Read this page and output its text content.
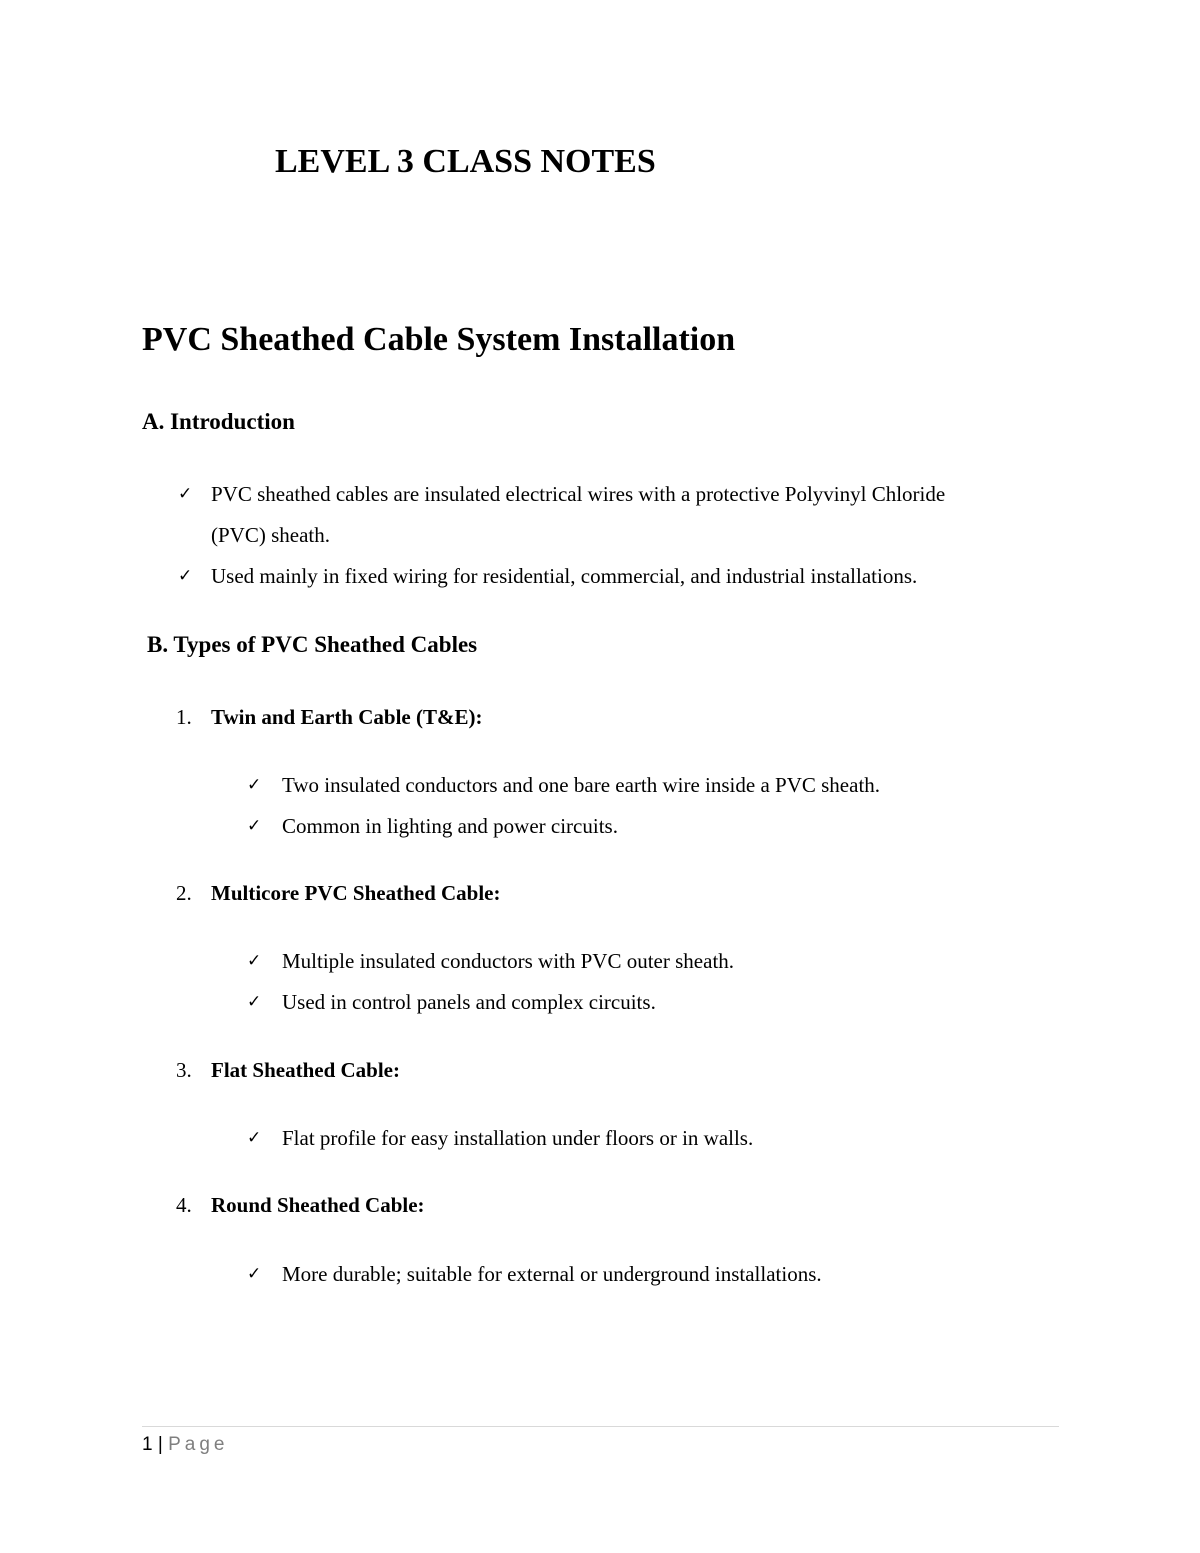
LEVEL 3 CLASS NOTES
PVC Sheathed Cable System Installation
A. Introduction
✓ PVC sheathed cables are insulated electrical wires with a protective Polyvinyl Chloride
(PVC) sheath.
✓ Used mainly in fixed wiring for residential, commercial, and industrial installations.
B. Types of PVC Sheathed Cables
1. Twin and Earth Cable (T&E):
✓ Two insulated conductors and one bare earth wire inside a PVC sheath.
✓ Common in lighting and power circuits.
2. Multicore PVC Sheathed Cable:
✓ Multiple insulated conductors with PVC outer sheath.
✓ Used in control panels and complex circuits.
3. Flat Sheathed Cable:
✓ Flat profile for easy installation under floors or in walls.
4. Round Sheathed Cable:
✓ More durable; suitable for external or underground installations.
1 | Page
